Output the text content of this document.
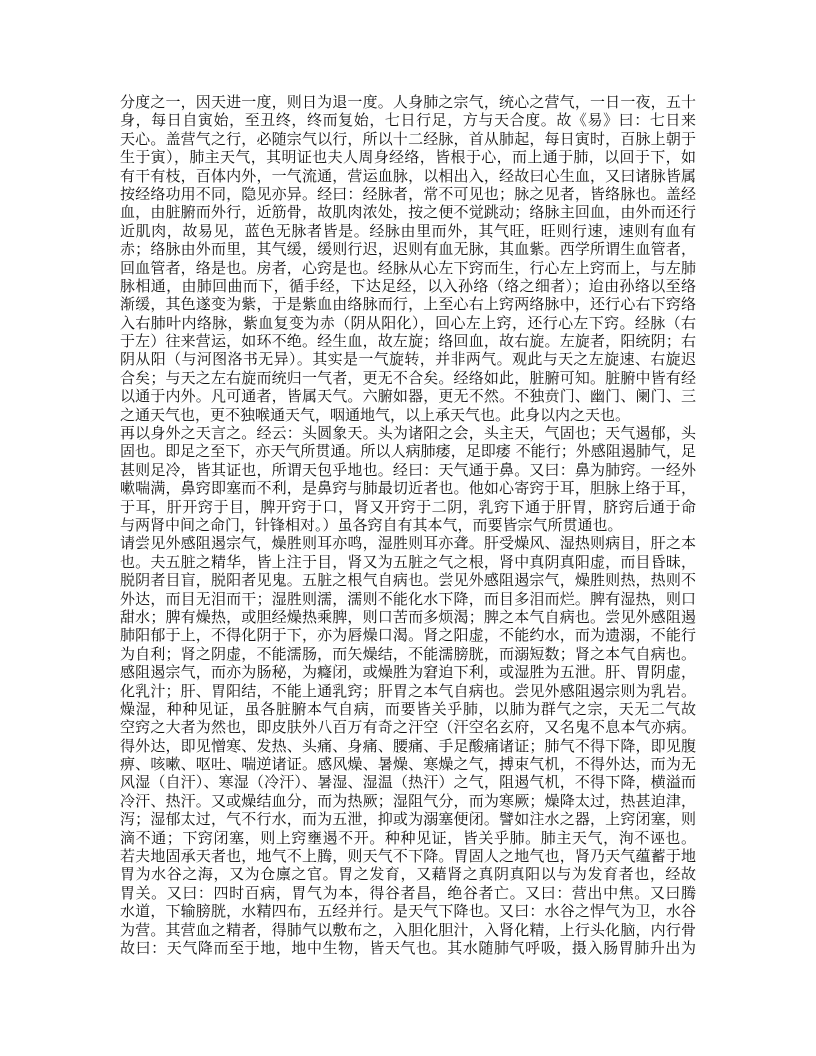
分度之一，因天进一度，则日为退一度。人身肺之宗气，统心之营气，一日一夜，五十
身，每日自寅始，至丑终，终而复始，七日行足，方与天合度。故《易》曰：七日来
天心。盖营气之行，必随宗气以行，所以十二经脉，首从肺起，每日寅时，百脉上朝于
生于寅），肺主天气，其明证也夫人周身经络，皆根于心，而上通于肺，以回于下，如
有干有枝，百体内外，一气流通，营运血脉，以相出入，经故曰心生血，又曰诸脉皆属
按经络功用不同，隐见亦异。经曰：经脉者，常不可见也；脉之见者，皆络脉也。盖经
血，由脏腑而外行，近筋骨，故肌肉浓处，按之便不觉跳动；络脉主回血，由外而还行
近肌肉，故易见，蓝色无脉者皆是。经脉由里而外，其气旺，旺则行速，速则有血有
赤；络脉由外而里，其气缓，缓则行迟，迟则有血无脉，其血紫。西学所谓生血管者，
回血管者，络是也。房者，心窍是也。经脉从心左下窍而生，行心左上窍而上，与左肺
脉相通，由肺回曲而下，循手经，下达足经，以入孙络（络之细者）；迨由孙络以至络
渐缓，其色遂变为紫，于是紫血由络脉而行，上至心右上窍两络脉中，还行心右下窍络
入右肺叶内络脉，紫血复变为赤（阴从阳化），回心左上窍，还行心左下窍。经脉（右
于左）往来营运，如环不绝。经生血，故左旋；络回血，故右旋。左旋者，阳统阴；右
阴从阳（与河图洛书无异）。其实是一气旋转，并非两气。观此与天之左旋速、右旋迟
合矣；与天之左右旋而统归一气者，更无不合矣。经络如此，脏腑可知。脏腑中皆有经
以通于内外。凡可通者，皆属天气。六腑如器，更无不然。不独贲门、幽门、阑门、三
之通天气也，更不独喉通天气，咽通地气，以上承天气也。此身以内之天也。
再以身外之天言之。经云：头圆象天。头为诸阳之会，头主天，气固也；天气遏郁，头
固也。即足之至下，亦天气所贯通。所以人病肺痿，足即痿 不能行；外感阻遏肺气，足
甚则足冷，皆其证也，所谓天包乎地也。经曰：天气通于鼻。又曰：鼻为肺窍。一经外
嗽喘满，鼻窍即塞而不利，是鼻窍与肺最切近者也。他如心寄窍于耳，胆脉上络于耳，
于耳，肝开窍于目，脾开窍于口，肾又开窍于二阴，乳窍下通于肝胃，脐窍后通于命
与两肾中间之命门，针锋相对。）虽各窍自有其本气，而要皆宗气所贯通也。
请尝见外感阻遏宗气，燥胜则耳亦鸣，湿胜则耳亦聋。肝受燥风、湿热则病目，肝之本
也。夫五脏之精华，皆上注于目，肾又为五脏之气之根，肾中真阴真阳虚，而目昏昧，
脱阴者目盲，脱阳者见鬼。五脏之根气自病也。尝见外感阻遏宗气，燥胜则热，热则不
外达，而目无泪而干；湿胜则濡，濡则不能化水下降，而目多泪而烂。脾有湿热，则口
甜水；脾有燥热，或胆经燥热乘脾，则口苦而多烦渴；脾之本气自病也。尝见外感阻遏
肺阳郁于上，不得化阴于下，亦为唇燥口渴。肾之阳虚，不能约水，而为遗溺，不能行
为自利；肾之阴虚，不能濡肠，而矢燥结，不能濡膀胱，而溺短数；肾之本气自病也。
感阻遏宗气，而亦为肠秘，为癃闭，或燥胜为窘迫下利，或湿胜为五泄。肝、胃阴虚，
化乳汁；肝、胃阳结，不能上通乳窍；肝胃之本气自病也。尝见外感阻遏宗则为乳岩。
燥湿，种种见证，虽各脏腑本气自病，而要皆关乎肺，以肺为群气之宗，天无二气故
空窍之大者为然也，即皮肤外八百万有奇之汗空（汗空名玄府，又名鬼不息本气亦病。
得外达，即见憎寒、发热、头痛、身痛、腰痛、手足酸痛诸证；肺气不得下降，即见腹
痹、咳嗽、呕吐、喘逆诸证。感风燥、暑燥、寒燥之气，搏束气机，不得外达，而为无
风湿（自汗）、寒湿（冷汗）、暑湿、湿温（热汗）之气，阻遏气机，不得下降，横溢而
冷汗、热汗。又或燥结血分，而为热厥；湿阻气分，而为寒厥；燥降太过，热甚迫津，
泻；湿郁太过，气不行水，而为五泄，抑或为溺塞便闭。譬如注水之器，上窍闭塞，则
滴不通；下窍闭塞，则上窍壅遏不开。种种见证，皆关乎肺。肺主天气，洵不诬也。
若夫地固承天者也，地气不上腾，则天气不下降。胃固人之地气也，肾乃天气蕴蓄于地
胃为水谷之海，又为仓廪之官。胃之发育，又藉肾之真阴真阳以与为发育者也，经故
胃关。又曰：四时百病，胃气为本，得谷者昌，绝谷者亡。又曰：营出中焦。又曰腾
水道，下输膀胱，水精四布，五经并行。是天气下降也。又曰：水谷之悍气为卫，水谷
为营。其营血之精者，得肺气以敷布之，入胆化胆汁，入肾化精，上行头化脑，内行骨
故曰：天气降而至于地，地中生物，皆天气也。其水随肺气呼吸，摄入肠胃肺升出为
